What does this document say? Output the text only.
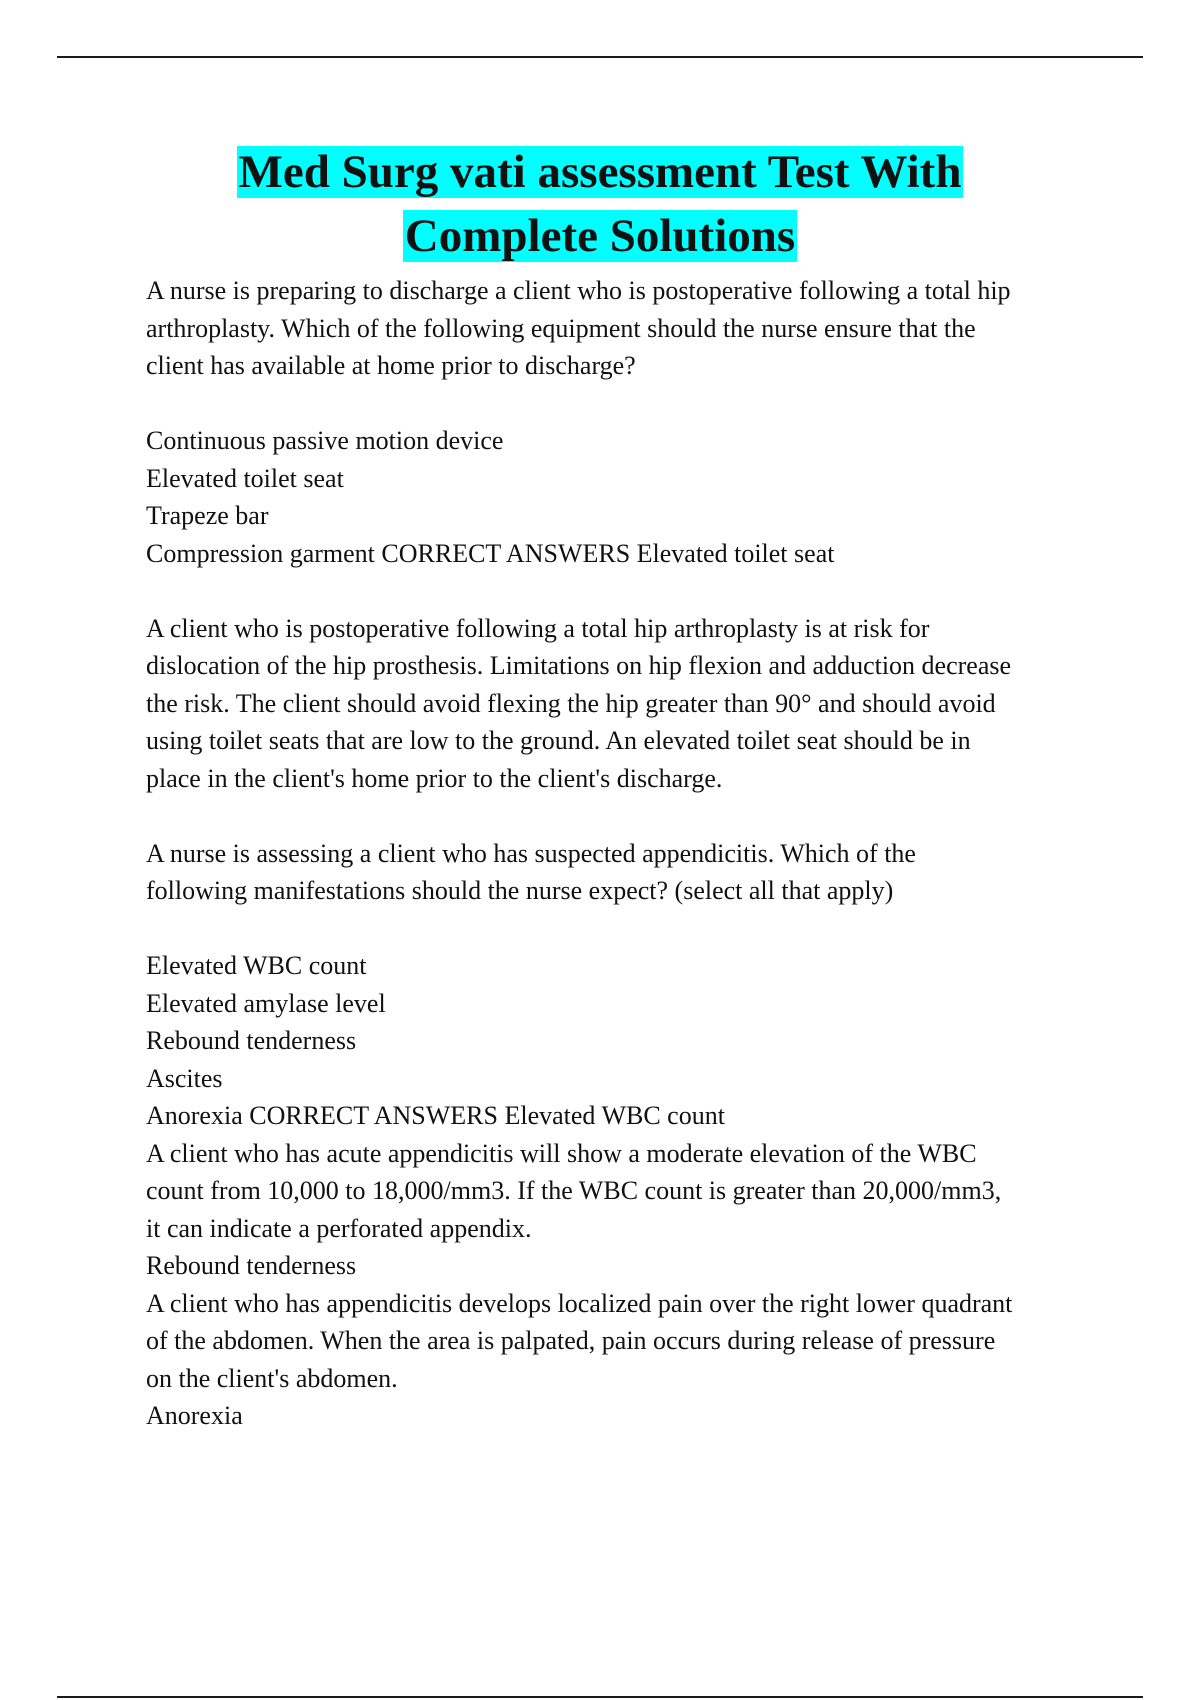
Med Surg vati assessment Test With
Complete Solutions

A nurse is preparing to discharge a client who is postoperative following a total hip

arthroplasty. Which of the following equipment should the nurse ensure that the

client has available at home prior to discharge?

Continuous passive motion device

Elevated toilet seat

Trapeze bar

Compression garment CORRECT ANSWERS Elevated toilet seat

A client who is postoperative following a total hip arthroplasty is at risk for

dislocation of the hip prosthesis. Limitations on hip flexion and adduction decrease

the risk. The client should avoid flexing the hip greater than 90° and should avoid

using toilet seats that are low to the ground. An elevated toilet seat should be in

place in the client's home prior to the client's discharge.

A nurse is assessing a client who has suspected appendicitis. Which of the

following manifestations should the nurse expect? (select all that apply)

Elevated WBC count

Elevated amylase level

Rebound tenderness

Ascites

Anorexia CORRECT ANSWERS Elevated WBC count

A client who has acute appendicitis will show a moderate elevation of the WBC

count from 10,000 to 18,000/mm3. If the WBC count is greater than 20,000/mm3,

it can indicate a perforated appendix.

Rebound tenderness

A client who has appendicitis develops localized pain over the right lower quadrant

of the abdomen. When the area is palpated, pain occurs during release of pressure

on the client's abdomen.

Anorexia
